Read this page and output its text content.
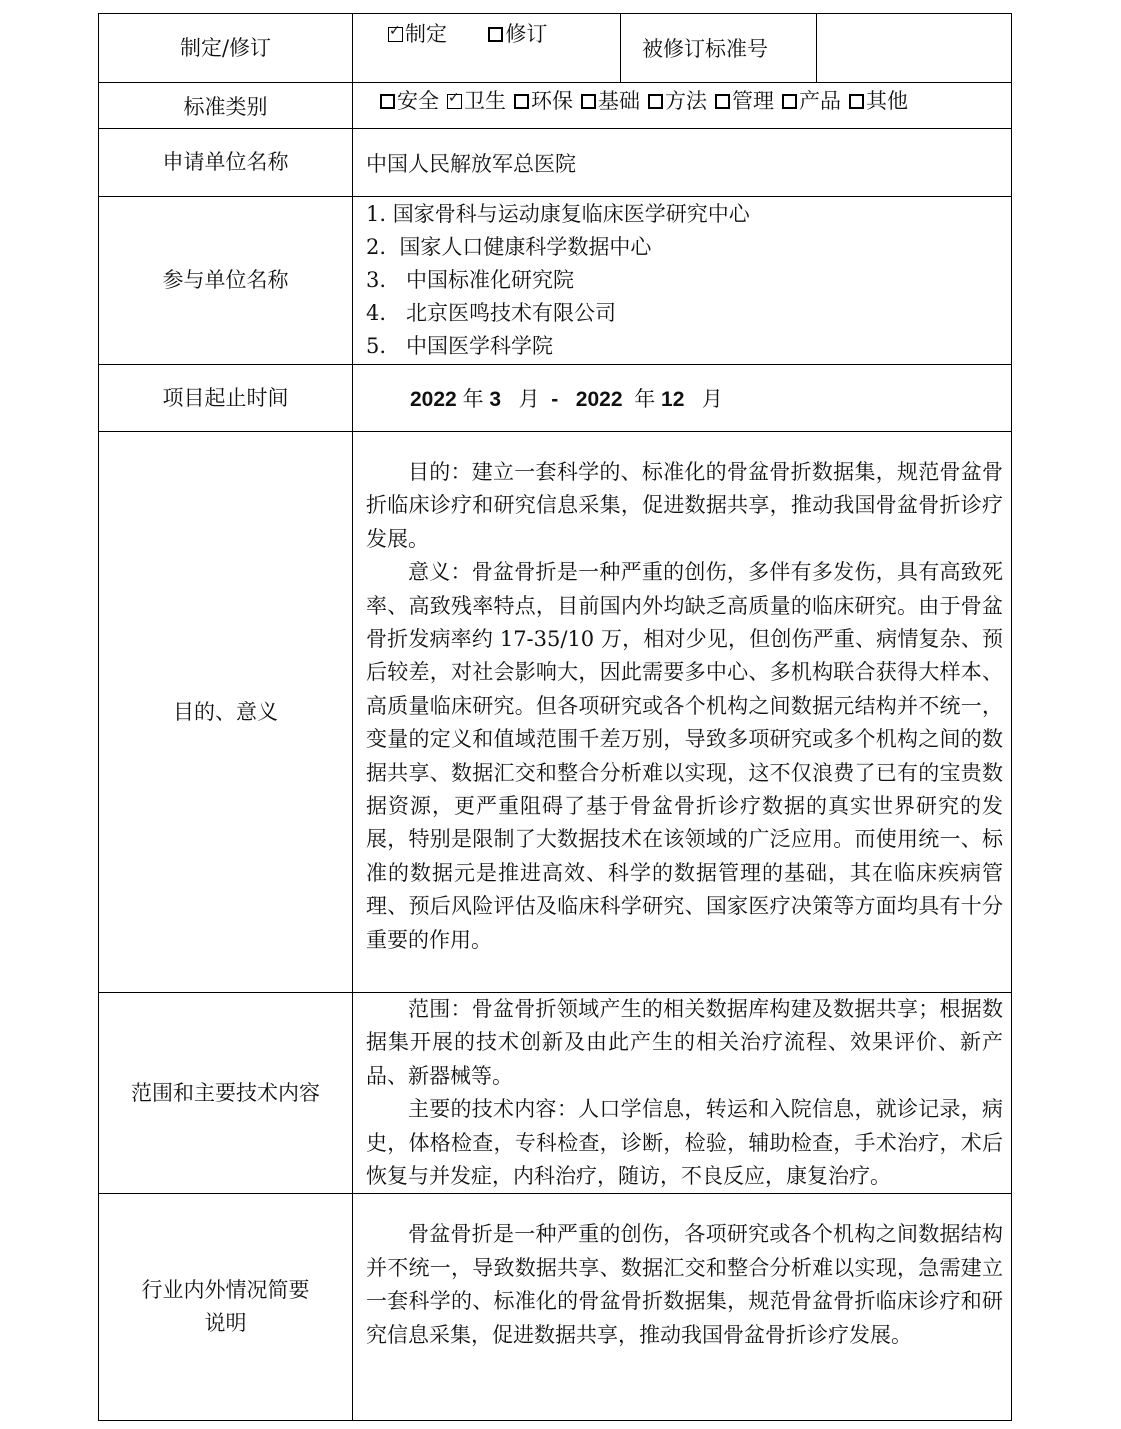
制定/修订	
✓制定	修订	被修订标准号	

标准类别	安全✓ 卫生 环保 基础 方法 管理 产品 其他
申请单位名称	中国人民解放军总医院
参与单位名称	
1. 国家骨科与运动康复临床医学研究中心
2.  国家人口健康科学数据中心
3.   中国标准化研究院
4.   北京医鸣技术有限公司
5.   中国医学科学院

项目起止时间	2022 年 3 月 - 2022 年 12 月
目的、意义	

目的：建立一套科学的、标准化的骨盆骨折数据集，规范骨盆骨折临床诊疗和研究信息采集，促进数据共享，推动我国骨盆骨折诊疗发展。

意义：骨盆骨折是一种严重的创伤，多伴有多发伤，具有高致死率、高致残率特点，目前国内外均缺乏高质量的临床研究。由于骨盆骨折发病率约 17-35/10 万，相对少见，但创伤严重、病情复杂、预后较差，对社会影响大，因此需要多中心、多机构联合获得大样本、高质量临床研究。但各项研究或各个机构之间数据元结构并不统一，变量的定义和值域范围千差万别，导致多项研究或多个机构之间的数据共享、数据汇交和整合分析难以实现，这不仅浪费了已有的宝贵数据资源，更严重阻碍了基于骨盆骨折诊疗数据的真实世界研究的发展，特别是限制了大数据技术在该领域的广泛应用。而使用统一、标准的数据元是推进高效、科学的数据管理的基础，其在临床疾病管理、预后风险评估及临床科学研究、国家医疗决策等方面均具有十分重要的作用。

范围和主要技术内容	

范围：骨盆骨折领域产生的相关数据库构建及数据共享；根据数据集开展的技术创新及由此产生的相关治疗流程、效果评价、新产品、新器械等。

主要的技术内容：人口学信息，转运和入院信息，就诊记录，病史，体格检查，专科检查，诊断，检验，辅助检查，手术治疗，术后恢复与并发症，内科治疗，随访，不良反应，康复治疗。

行业内外情况简要
说明

骨盆骨折是一种严重的创伤，各项研究或各个机构之间数据结构并不统一，导致数据共享、数据汇交和整合分析难以实现，急需建立一套科学的、标准化的骨盆骨折数据集，规范骨盆骨折临床诊疗和研究信息采集，促进数据共享，推动我国骨盆骨折诊疗发展。
